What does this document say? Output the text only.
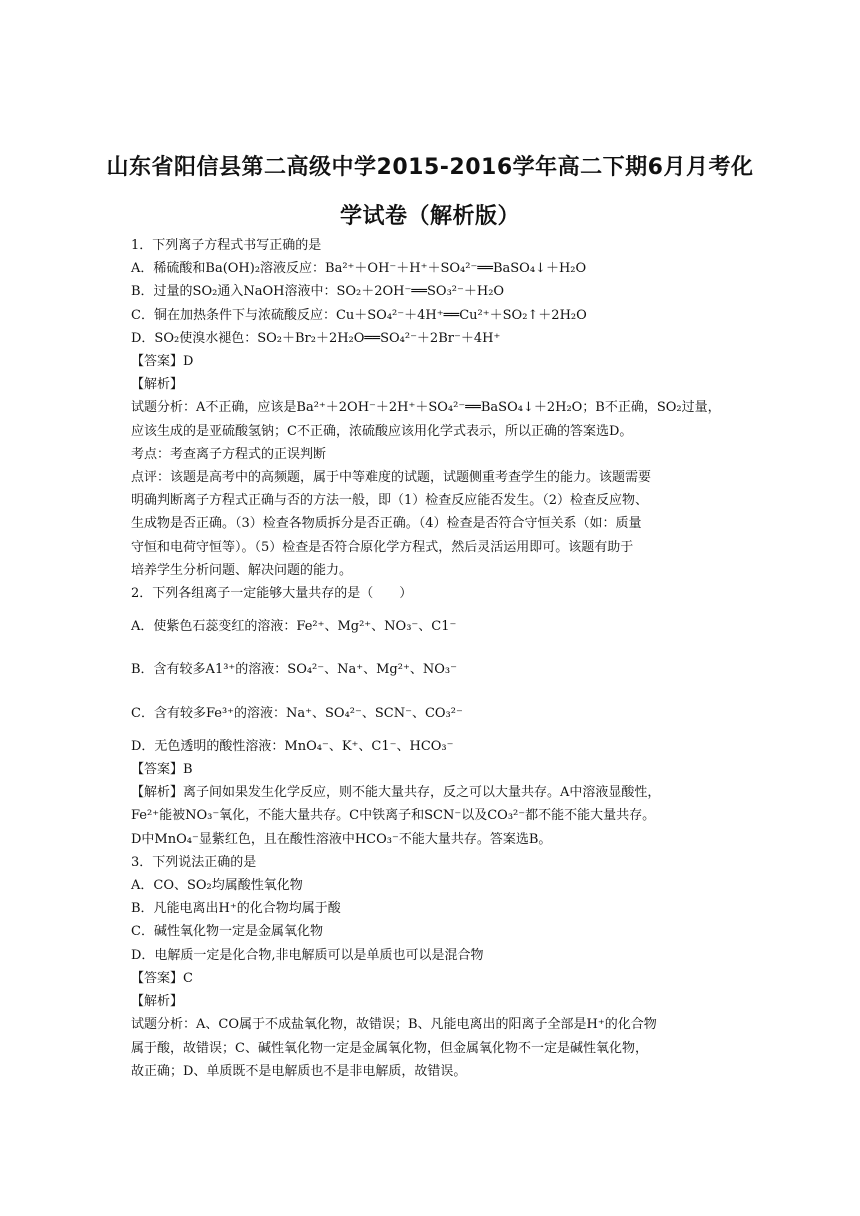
山东省阳信县第二高级中学2015-2016学年高二下期6月月考化
学试卷（解析版）
1．下列离子方程式书写正确的是
A．稀硫酸和Ba(OH)₂溶液反应：Ba²⁺＋OH⁻＋H⁺＋SO₄²⁻══BaSO₄↓＋H₂O
B．过量的SO₂通入NaOH溶液中：SO₂＋2OH⁻══SO₃²⁻＋H₂O
C．铜在加热条件下与浓硫酸反应：Cu＋SO₄²⁻＋4H⁺══Cu²⁺＋SO₂↑＋2H₂O
D．SO₂使溴水褪色：SO₂＋Br₂＋2H₂O══SO₄²⁻＋2Br⁻＋4H⁺
【答案】D
【解析】
试题分析：A不正确，应该是Ba²⁺＋2OH⁻＋2H⁺＋SO₄²⁻══BaSO₄↓＋2H₂O；B不正确，SO₂过量，
应该生成的是亚硫酸氢钠；C不正确，浓硫酸应该用化学式表示，所以正确的答案选D。
考点：考查离子方程式的正误判断
点评：该题是高考中的高频题，属于中等难度的试题，试题侧重考查学生的能力。该题需要
明确判断离子方程式正确与否的方法一般，即（1）检查反应能否发生。（2）检查反应物、
生成物是否正确。（3）检查各物质拆分是否正确。（4）检查是否符合守恒关系（如：质量
守恒和电荷守恒等）。（5）检查是否符合原化学方程式，然后灵活运用即可。该题有助于
培养学生分析问题、解决问题的能力。
2．下列各组离子一定能够大量共存的是（　　）
A．使紫色石蕊变红的溶液：Fe²⁺、Mg²⁺、NO₃⁻、C1⁻
B．含有较多A1³⁺的溶液：SO₄²⁻、Na⁺、Mg²⁺、NO₃⁻
C．含有较多Fe³⁺的溶液：Na⁺、SO₄²⁻、SCN⁻、CO₃²⁻
D．无色透明的酸性溶液：MnO₄⁻、K⁺、C1⁻、HCO₃⁻
【答案】B
【解析】离子间如果发生化学反应，则不能大量共存，反之可以大量共存。A中溶液显酸性，
Fe²⁺能被NO₃⁻氧化，不能大量共存。C中铁离子和SCN⁻以及CO₃²⁻都不能不能大量共存。
D中MnO₄⁻显紫红色，且在酸性溶液中HCO₃⁻不能大量共存。答案选B。
3．下列说法正确的是
A．CO、SO₂均属酸性氧化物
B．凡能电离出H⁺的化合物均属于酸
C．碱性氧化物一定是金属氧化物
D．电解质一定是化合物,非电解质可以是单质也可以是混合物
【答案】C
【解析】
试题分析：A、CO属于不成盐氧化物，故错误；B、凡能电离出的阳离子全部是H⁺的化合物
属于酸，故错误；C、碱性氧化物一定是金属氧化物，但金属氧化物不一定是碱性氧化物，
故正确；D、单质既不是电解质也不是非电解质，故错误。
